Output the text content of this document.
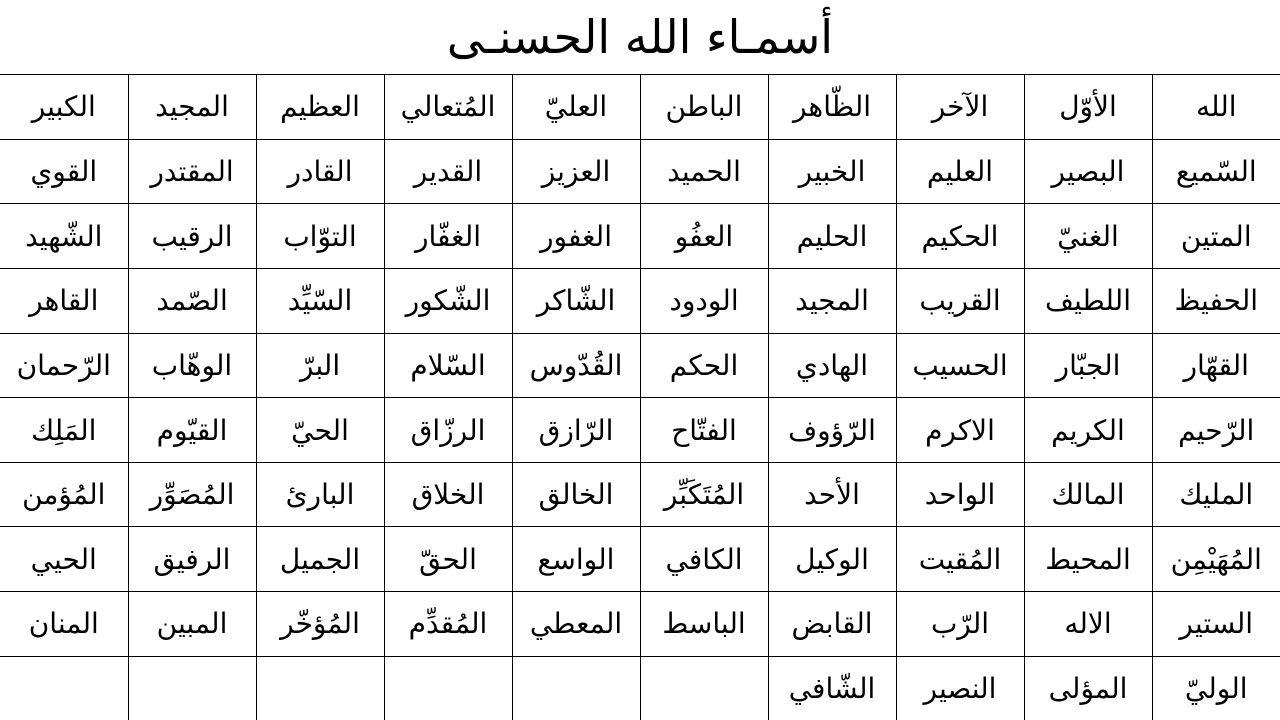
أسمـاء الله الحسنـى
الله	الأوّل	الآخر	الظّاهر	الباطن	العليّ	المُتعالي	العظيم	المجيد	الكبير
السّميع	البصير	العليم	الخبير	الحميد	العزيز	القدير	القادر	المقتدر	القوي
المتين	الغنيّ	الحكيم	الحليم	العفُو	الغفور	الغفّار	التوّاب	الرقيب	الشّهيد
الحفيظ	اللطيف	القريب	المجيد	الودود	الشّاكر	الشّكور	السّيِّد	الصّمد	القاهر
القهّار	الجبّار	الحسيب	الهادي	الحكم	القُدّوس	السّلام	البرّ	الوهّاب	الرّحمان
الرّحيم	الكريم	الاكرم	الرّؤوف	الفتّاح	الرّازق	الرزّاق	الحيّ	القيّوم	المَلِك
المليك	المالك	الواحد	الأحد	المُتَكَبِّر	الخالق	الخلاق	البارئ	المُصَوِّر	المُؤمن
المُهَيْمِن	المحيط	المُقيت	الوكيل	الكافي	الواسع	الحقّ	الجميل	الرفيق	الحيي
الستير	الاله	الرّب	القابض	الباسط	المعطي	المُقدِّم	المُؤخّر	المبين	المنان
الوليّ	المؤلى	النصير	الشّافي						
